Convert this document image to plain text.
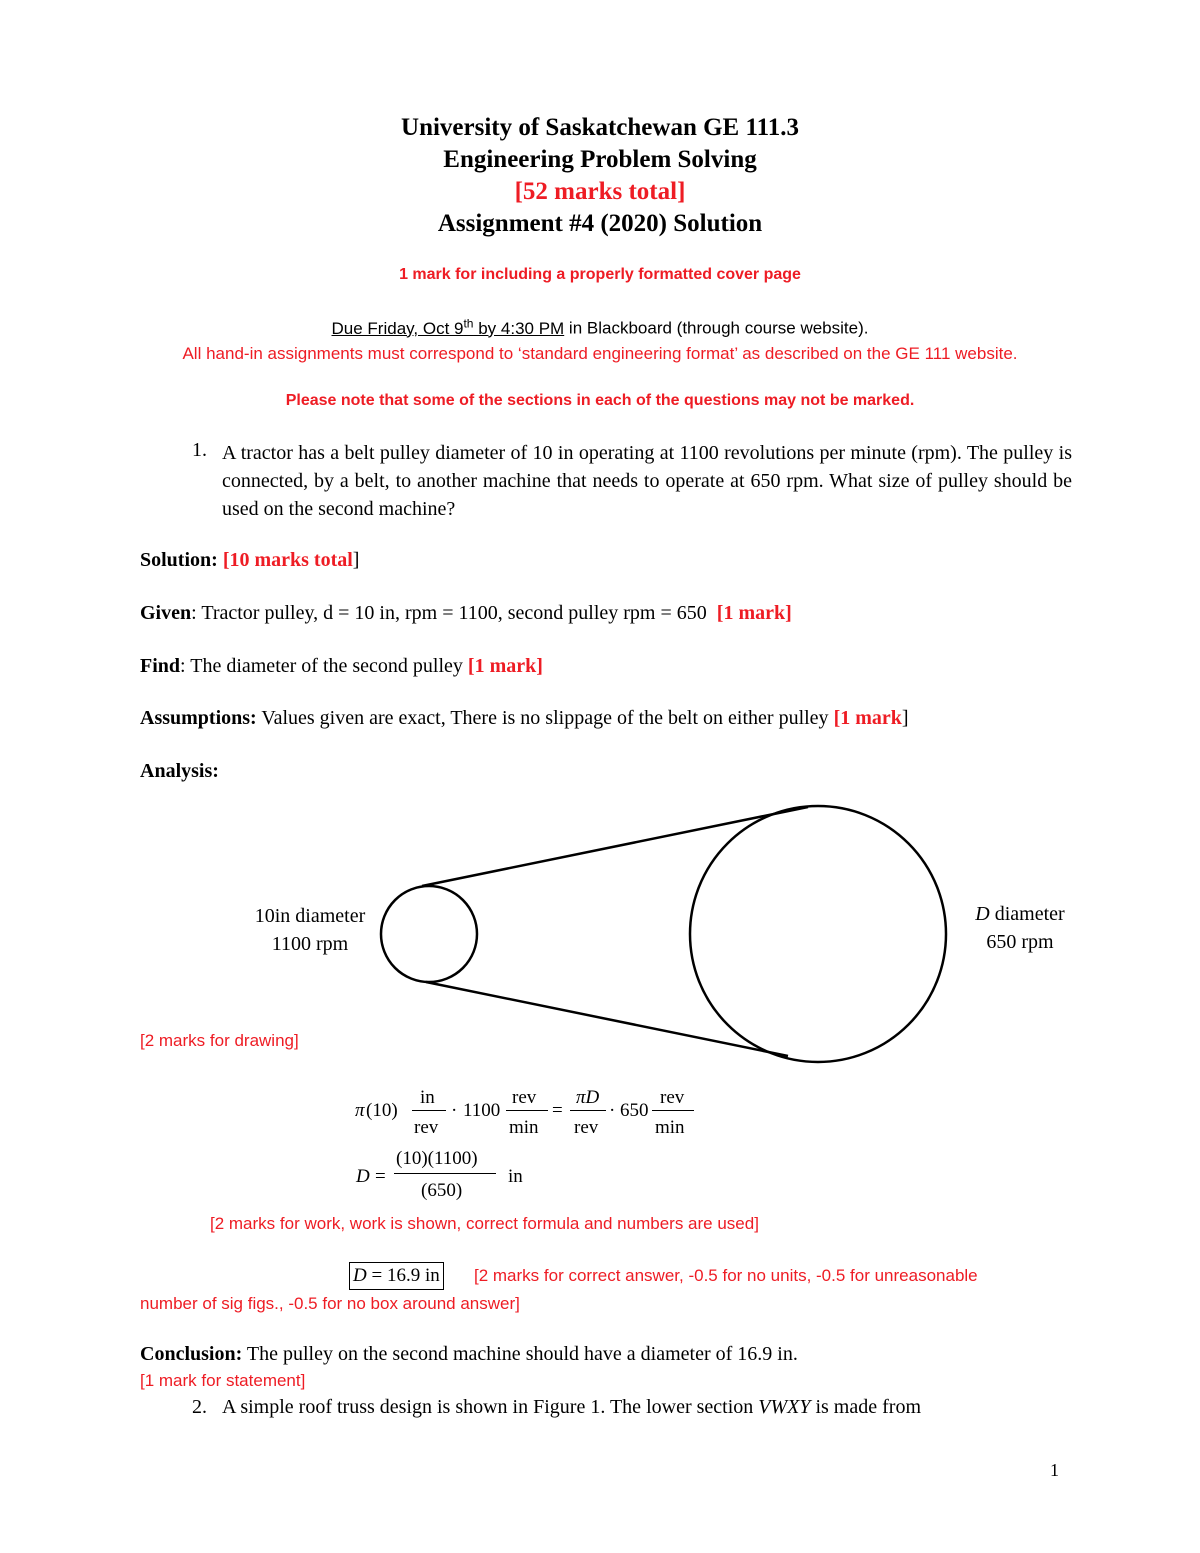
University of Saskatchewan GE 111.3
Engineering Problem Solving
[52 marks total]
Assignment #4 (2020) Solution
1 mark for including a properly formatted cover page
Due Friday, Oct 9th by 4:30 PM in Blackboard (through course website).
All hand-in assignments must correspond to ‘standard engineering format’ as described on the GE 111 website.
Please note that some of the sections in each of the questions may not be marked.
1. A tractor has a belt pulley diameter of 10 in operating at 1100 revolutions per minute (rpm). The pulley is connected, by a belt, to another machine that needs to operate at 650 rpm. What size of pulley should be used on the second machine?
Solution: [10 marks total]
Given: Tractor pulley, d = 10 in, rpm = 1100, second pulley rpm = 650 [1 mark]
Find: The diameter of the second pulley [1 mark]
Assumptions: Values given are exact, There is no slippage of the belt on either pulley [1 mark]
Analysis:
10in diameter
1100 rpm
D diameter
650 rpm
[2 marks for drawing]
π (10)
in
rev
· 1100
rev
min
=
πD
rev
· 650
rev
min
D =
(10)(1100)
(650)
in
[2 marks for work, work is shown, correct formula and numbers are used]
D = 16.9 in [2 marks for correct answer, -0.5 for no units, -0.5 for unreasonable
number of sig figs., -0.5 for no box around answer]
Conclusion: The pulley on the second machine should have a diameter of 16.9 in.
[1 mark for statement]
2. A simple roof truss design is shown in Figure 1. The lower section VWXY is made from
1
